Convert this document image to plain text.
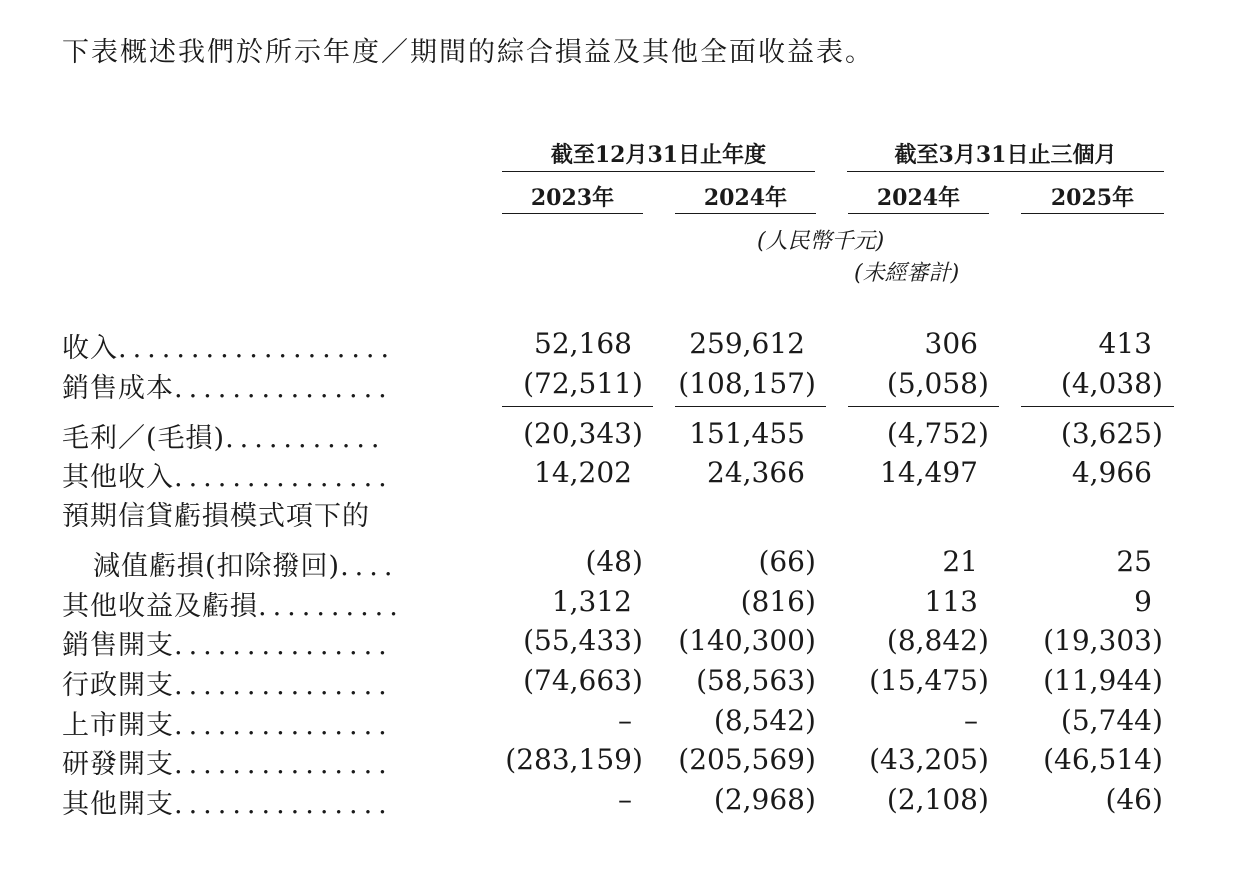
下表概述我們於所示年度／期間的綜合損益及其他全面收益表。
截至12月31日止年度	截至3月31日止三個月
2023年	2024年	2024年	2025年
(人民幣千元)
(未經審計)
收入...................	52,168	259,612	306	413
銷售成本...............	(72,511) (108,157)	(5,058)	(4,038)
毛利／(毛損)...........	(20,343) 151,455	(4,752)	(3,625)
其他收入...............	14,202	24,366	14,497	4,966
預期信貸虧損模式項下的
減值虧損(扣除撥回)....	(48)	(66)	21	25
其他收益及虧損..........	1,312	(816)	113	9
銷售開支...............	(55,433) (140,300)	(8,842) (19,303)
行政開支...............	(74,663) (58,563) (15,475) (11,944)
上市開支...............	–	(8,542)	–	(5,744)
研發開支...............	(283,159) (205,569) (43,205) (46,514)
其他開支...............	–	(2,968)	(2,108)	(46)
